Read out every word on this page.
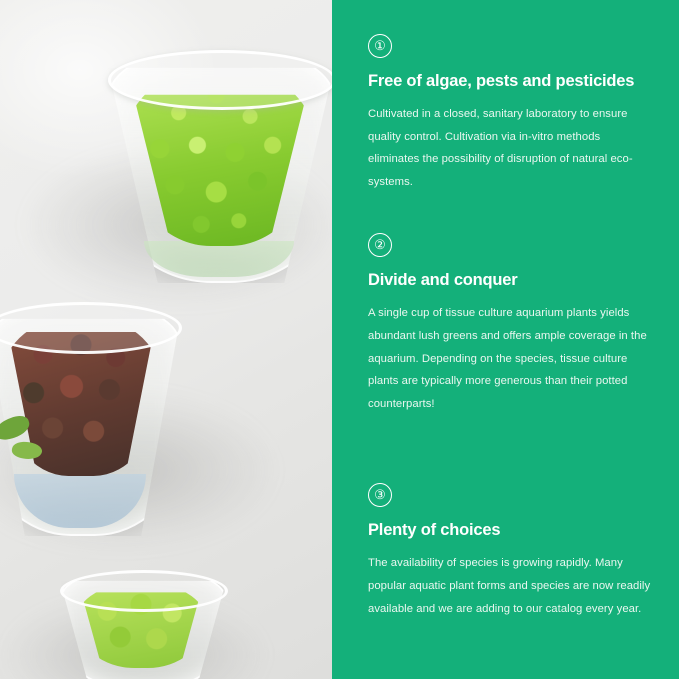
①
Free of algae, pests and pesticides

Cultivated in a closed, sanitary laboratory to ensure quality control. Cultivation via in-vitro methods eliminates the possibility of disruption of natural eco-systems.

②
Divide and conquer

A single cup of tissue culture aquarium plants yields abundant lush greens and offers ample coverage in the aquarium. Depending on the species, tissue culture plants are typically more generous than their potted counterparts!

③
Plenty of choices

The availability of species is growing rapidly. Many popular aquatic plant forms and species are now readily available and we are adding to our catalog every year.
